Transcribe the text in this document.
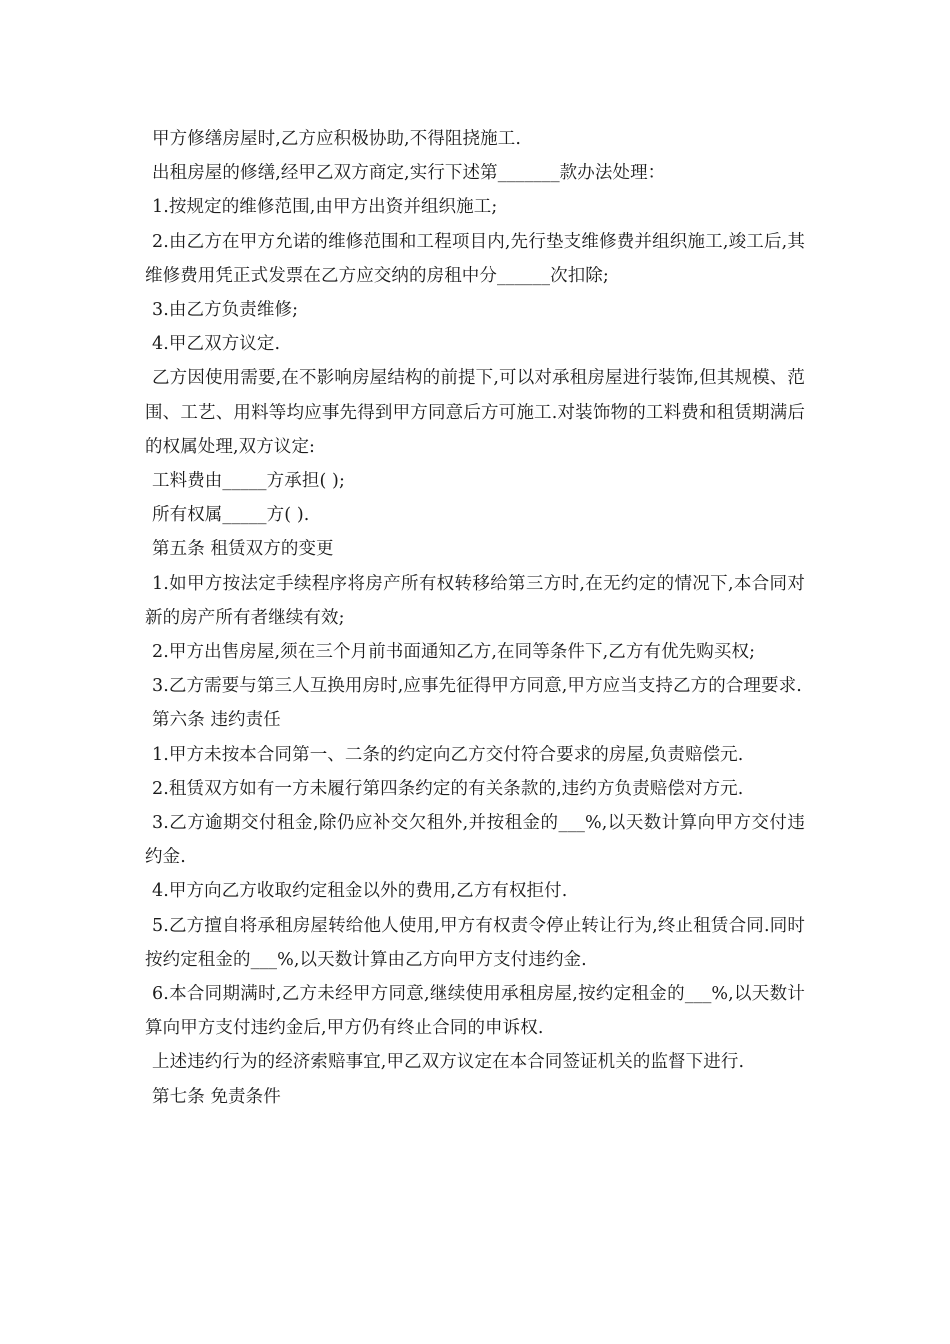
甲方修缮房屋时,乙方应积极协助,不得阻挠施工.

出租房屋的修缮,经甲乙双方商定,实行下述第_______款办法处理：

1.按规定的维修范围,由甲方出资并组织施工;

2.由乙方在甲方允诺的维修范围和工程项目内,先行垫支维修费并组织施工,竣工后,其维修费用凭正式发票在乙方应交纳的房租中分______次扣除;

3.由乙方负责维修;

4.甲乙双方议定.

乙方因使用需要,在不影响房屋结构的前提下,可以对承租房屋进行装饰,但其规模、范围、工艺、用料等均应事先得到甲方同意后方可施工.对装饰物的工料费和租赁期满后的权属处理,双方议定:

工料费由_____方承担( );

所有权属_____方( ).

第五条 租赁双方的变更

1.如甲方按法定手续程序将房产所有权转移给第三方时,在无约定的情况下,本合同对新的房产所有者继续有效;

2.甲方出售房屋,须在三个月前书面通知乙方,在同等条件下,乙方有优先购买权;

3.乙方需要与第三人互换用房时,应事先征得甲方同意,甲方应当支持乙方的合理要求.

第六条 违约责任

1.甲方未按本合同第一、二条的约定向乙方交付符合要求的房屋,负责赔偿元.

2.租赁双方如有一方未履行第四条约定的有关条款的,违约方负责赔偿对方元.

3.乙方逾期交付租金,除仍应补交欠租外,并按租金的___%,以天数计算向甲方交付违约金.

4.甲方向乙方收取约定租金以外的费用,乙方有权拒付.

5.乙方擅自将承租房屋转给他人使用,甲方有权责令停止转让行为,终止租赁合同.同时按约定租金的___%,以天数计算由乙方向甲方支付违约金.

6.本合同期满时,乙方未经甲方同意,继续使用承租房屋,按约定租金的___%,以天数计算向甲方支付违约金后,甲方仍有终止合同的申诉权.

上述违约行为的经济索赔事宜,甲乙双方议定在本合同签证机关的监督下进行.

第七条 免责条件
